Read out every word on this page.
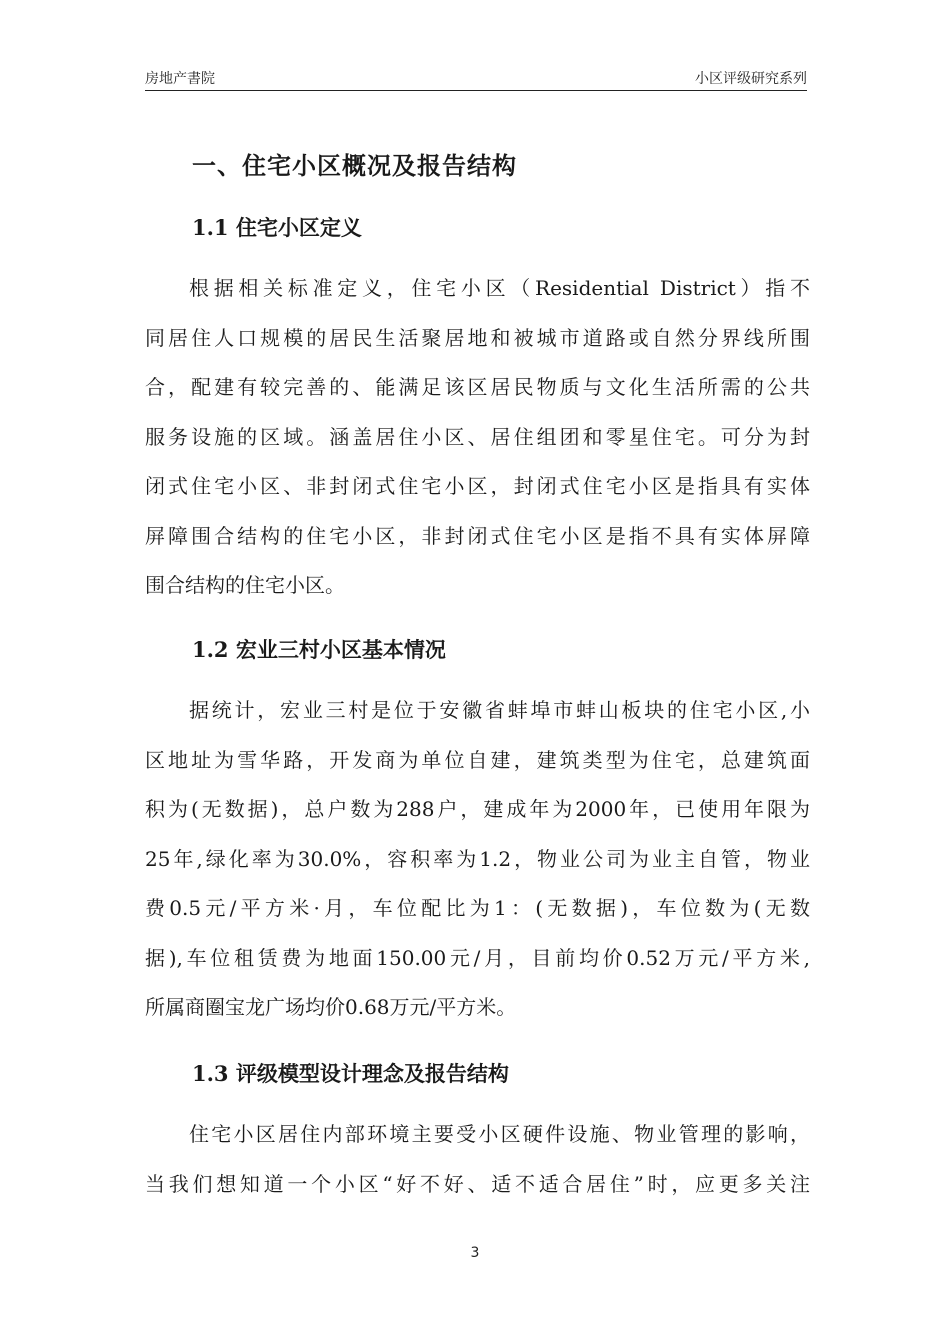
房地产書院	小区评级研究系列
一、住宅小区概况及报告结构
1.1 住宅小区定义
根据相关标准定义，住宅小区（Residential District）指不
同居住人口规模的居民生活聚居地和被城市道路或自然分界线所围
合，配建有较完善的、能满足该区居民物质与文化生活所需的公共
服务设施的区域。涵盖居住小区、居住组团和零星住宅。可分为封
闭式住宅小区、非封闭式住宅小区，封闭式住宅小区是指具有实体
屏障围合结构的住宅小区，非封闭式住宅小区是指不具有实体屏障
围合结构的住宅小区。
1.2 宏业三村小区基本情况
据统计，宏业三村是位于安徽省蚌埠市蚌山板块的住宅小区,小
区地址为雪华路，开发商为单位自建，建筑类型为住宅，总建筑面
积为(无数据)，总户数为288户，建成年为2000年，已使用年限为
25年,绿化率为30.0%，容积率为1.2，物业公司为业主自管，物业
费0.5元/平方米·月，车位配比为1：(无数据)，车位数为(无数
据),车位租赁费为地面150.00元/月，目前均价0.52万元/平方米,
所属商圈宝龙广场均价0.68万元/平方米。
1.3 评级模型设计理念及报告结构
住宅小区居住内部环境主要受小区硬件设施、物业管理的影响，
当我们想知道一个小区“好不好、适不适合居住”时，应更多关注
3
